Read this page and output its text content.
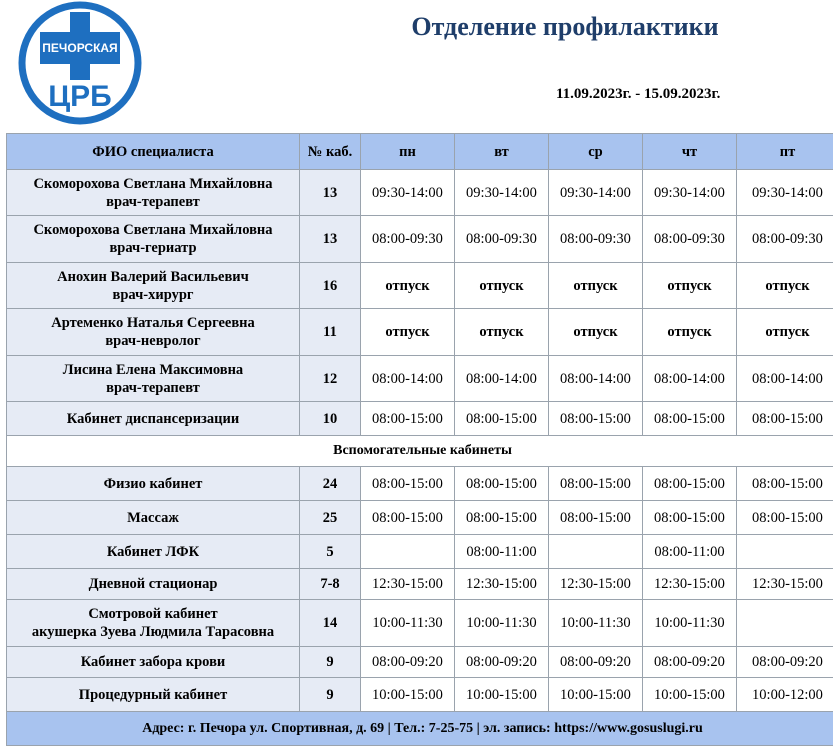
ПЕЧОРСКАЯ
ЦРБ
Отделение профилактики
11.09.2023г. - 15.09.2023г.
ФИО специалиста	№ каб.	пн	вт	ср	чт	пт
Скоморохова Светлана Михайловна
врач-терапевт	13	09:30-14:00	09:30-14:00	09:30-14:00	09:30-14:00	09:30-14:00
Скоморохова Светлана Михайловна
врач-гериатр	13	08:00-09:30	08:00-09:30	08:00-09:30	08:00-09:30	08:00-09:30
Анохин Валерий Васильевич
врач-хирург	16	отпуск	отпуск	отпуск	отпуск	отпуск
Артеменко Наталья Сергеевна
врач-невролог	11	отпуск	отпуск	отпуск	отпуск	отпуск
Лисина Елена Максимовна
врач-терапевт	12	08:00-14:00	08:00-14:00	08:00-14:00	08:00-14:00	08:00-14:00
Кабинет диспансеризации	10	08:00-15:00	08:00-15:00	08:00-15:00	08:00-15:00	08:00-15:00
Вспомогательные кабинеты						
Физио кабинет	24	08:00-15:00	08:00-15:00	08:00-15:00	08:00-15:00	08:00-15:00
Массаж	25	08:00-15:00	08:00-15:00	08:00-15:00	08:00-15:00	08:00-15:00
Кабинет ЛФК	5		08:00-11:00		08:00-11:00	
Дневной стационар	7-8	12:30-15:00	12:30-15:00	12:30-15:00	12:30-15:00	12:30-15:00
Смотровой кабинет
акушерка Зуева Людмила Тарасовна	14	10:00-11:30	10:00-11:30	10:00-11:30	10:00-11:30	
Кабинет забора крови	9	08:00-09:20	08:00-09:20	08:00-09:20	08:00-09:20	08:00-09:20
Процедурный кабинет	9	10:00-15:00	10:00-15:00	10:00-15:00	10:00-15:00	10:00-12:00
Адрес: г. Печора ул. Спортивная, д. 69 | Тел.: 7-25-75 | эл. запись: https://www.gosuslugi.ru						
